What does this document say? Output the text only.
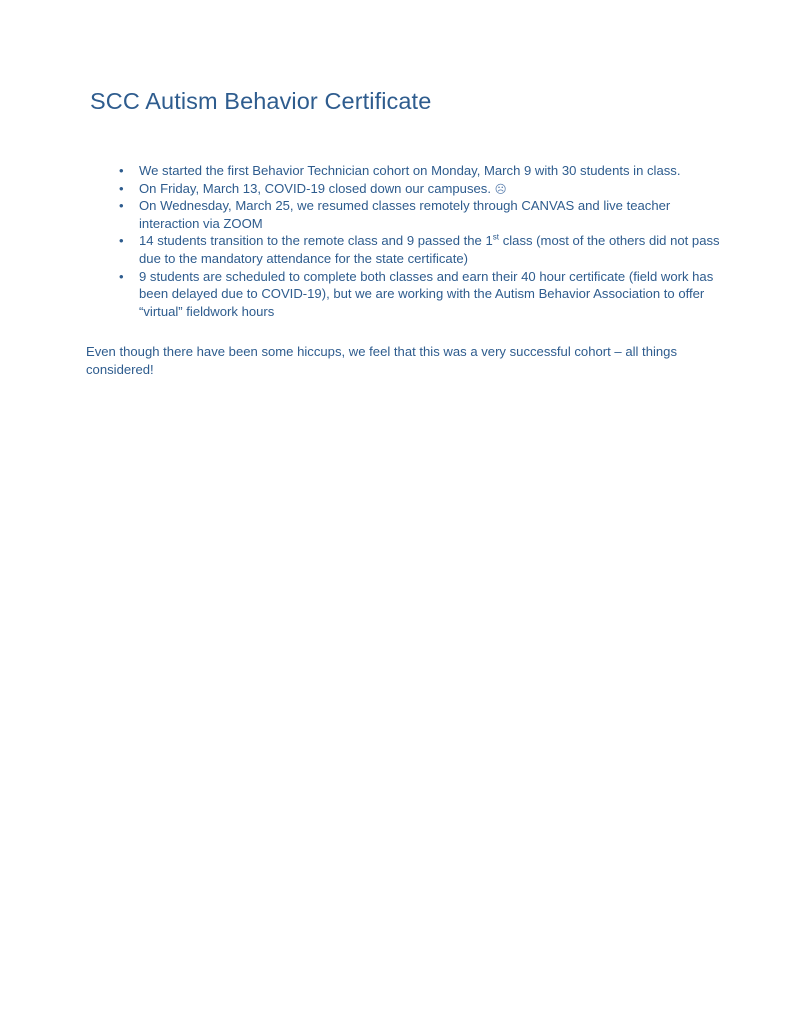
SCC Autism Behavior Certificate
•	We started the first Behavior Technician cohort on Monday, March 9 with 30 students in class.
•	On Friday, March 13, COVID-19 closed down our campuses. ☹
•	On Wednesday, March 25, we resumed classes remotely through CANVAS and live teacher interaction via ZOOM
•	14 students transition to the remote class and 9 passed the 1st class (most of the others did not pass due to the mandatory attendance for the state certificate)
•	9 students are scheduled to complete both classes and earn their 40 hour certificate (field work has been delayed due to COVID-19), but we are working with the Autism Behavior Association to offer “virtual” fieldwork hours

Even though there have been some hiccups, we feel that this was a very successful cohort – all things considered!
